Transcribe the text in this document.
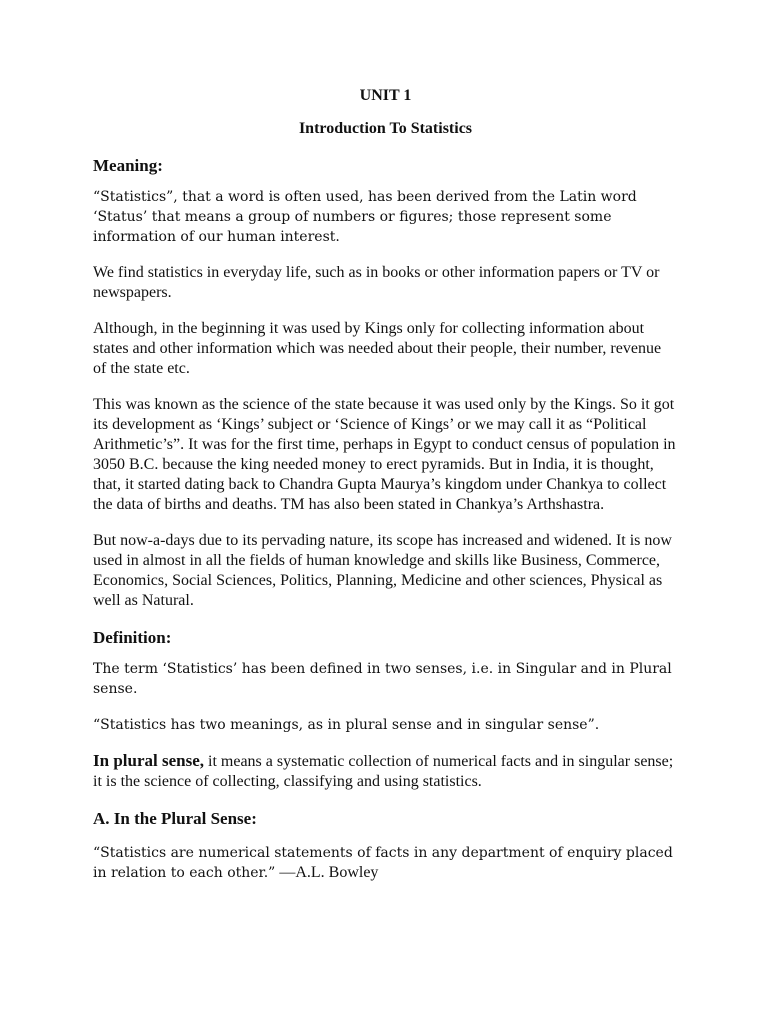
UNIT 1
Introduction To Statistics
Meaning:

“Statistics”, that a word is often used, has been derived from the Latin word ‘Status’ that means a group of numbers or figures; those represent some information of our human interest.

We find statistics in everyday life, such as in books or other information papers or TV or newspapers.

Although, in the beginning it was used by Kings only for collecting information about states and other information which was needed about their people, their number, revenue of the state etc.

This was known as the science of the state because it was used only by the Kings. So it got its development as ‘Kings’ subject or ‘Science of Kings’ or we may call it as “Political Arithmetic’s”. It was for the first time, perhaps in Egypt to conduct census of population in 3050 B.C. because the king needed money to erect pyramids. But in India, it is thought, that, it started dating back to Chandra Gupta Maurya’s kingdom under Chankya to collect the data of births and deaths. TM has also been stated in Chankya’s Arthshastra.

But now-a-days due to its pervading nature, its scope has increased and widened. It is now used in almost in all the fields of human knowledge and skills like Business, Commerce, Economics, Social Sciences, Politics, Planning, Medicine and other sciences, Physical as well as Natural.

Definition:

The term ‘Statistics’ has been defined in two senses, i.e. in Singular and in Plural sense.

“Statistics has two meanings, as in plural sense and in singular sense”.

In plural sense, it means a systematic collection of numerical facts and in singular sense; it is the science of collecting, classifying and using statistics.

A. In the Plural Sense:

“Statistics are numerical statements of facts in any department of enquiry placed in relation to each other.” —A.L. Bowley
